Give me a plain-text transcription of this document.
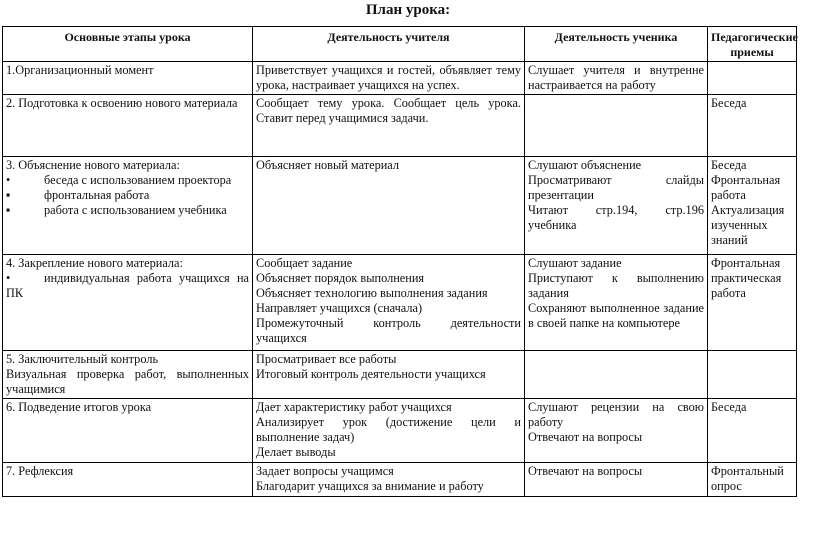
План урока:
Основные этапы урока	Деятельность учителя	Деятельность ученика	Педагогические приемы

1.Организационный момент	Приветствует учащихся и гостей, объявляет тему урока, настраивает учащихся на успех.	Слушает учителя и внутренне настраивается на работу	

2. Подготовка к освоению нового материала	Сообщает тему урока. Сообщает цель урока. Ставит перед учащимися задачи.		Беседа

3. Объяснение нового материала:
• беседа с использованием проектора
▪ фронтальная работа
▪ работа с использованием учебника	Объясняет новый материал	Слушают объяснение
Просматривают слайды презентации
Читают стр.194, стр.196 учебника	Беседа
Фронтальная работа
Актуализация изученных знаний

4. Закрепление нового материала:
• индивидуальная работа учащихся на ПК	Сообщает задание
Объясняет порядок выполнения
Объясняет технологию выполнения задания
Направляет учащихся (сначала)
Промежуточный контроль деятельности учащихся	Слушают задание
Приступают к выполнению задания
Сохраняют выполненное задание в своей папке на компьютере	Фронтальная практическая работа

5. Заключительный контроль
Визуальная проверка работ, выполненных учащимися	Просматривает все работы
Итоговый контроль деятельности учащихся		

6. Подведение итогов урока	Дает характеристику работ учащихся
Анализирует урок (достижение цели и выполнение задач)
Делает выводы	Слушают рецензии на свою работу
Отвечают на вопросы	Беседа

7. Рефлексия	Задает вопросы учащимся
Благодарит учащихся за внимание и работу	Отвечают на вопросы	Фронтальный опрос
